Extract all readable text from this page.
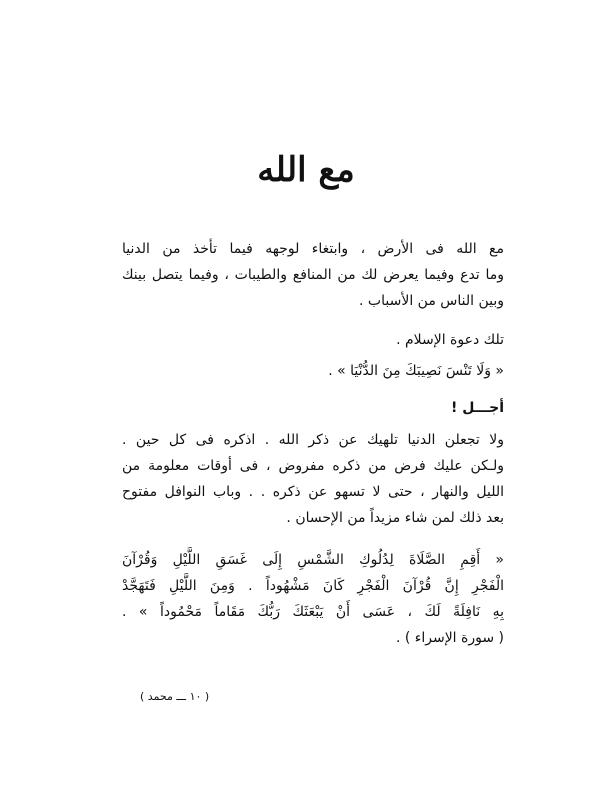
مع الله
مع الله فى الأرض ، وابتغاء لوجهه فيما تأخذ من الدنيا
وما تدع وفيما يعرض لك من المنافع والطيبات ، وفيما يتصل بينك
وبين الناس من الأسباب .
تلك دعوة الإسلام .
« وَلَا تَنْسَ نَصِيبَكَ مِنَ الدُّنْيَا » .
أجـــل !
ولا تجعلن الدنيا تلهيك عن ذكر الله . اذكره فى كل حين .
ولـكن عليك فرض من ذكره مفروض ، فى أوقات معلومة من
الليل والنهار ، حتى لا تسهو عن ذكره . . وباب النوافل مفتوح
بعد ذلك لمن شاء مزيداً من الإحسان .
« أَقِمِ الصَّلَاةَ لِدُلُوكِ الشَّمْسِ إِلَى غَسَقِ اللَّيْلِ وَقُرْآنَ
الْفَجْرِ إِنَّ قُرْآنَ الْفَجْرِ كَانَ مَشْهُوداً . وَمِنَ اللَّيْلِ فَتَهَجَّدْ
بِهِ نَافِلَةً لَكَ ، عَسَى أَنْ يَبْعَثَكَ رَبُّكَ مَقَاماً مَحْمُوداً » .
( سورة الإسراء ) .
( ١٠ ـــ محمد )
